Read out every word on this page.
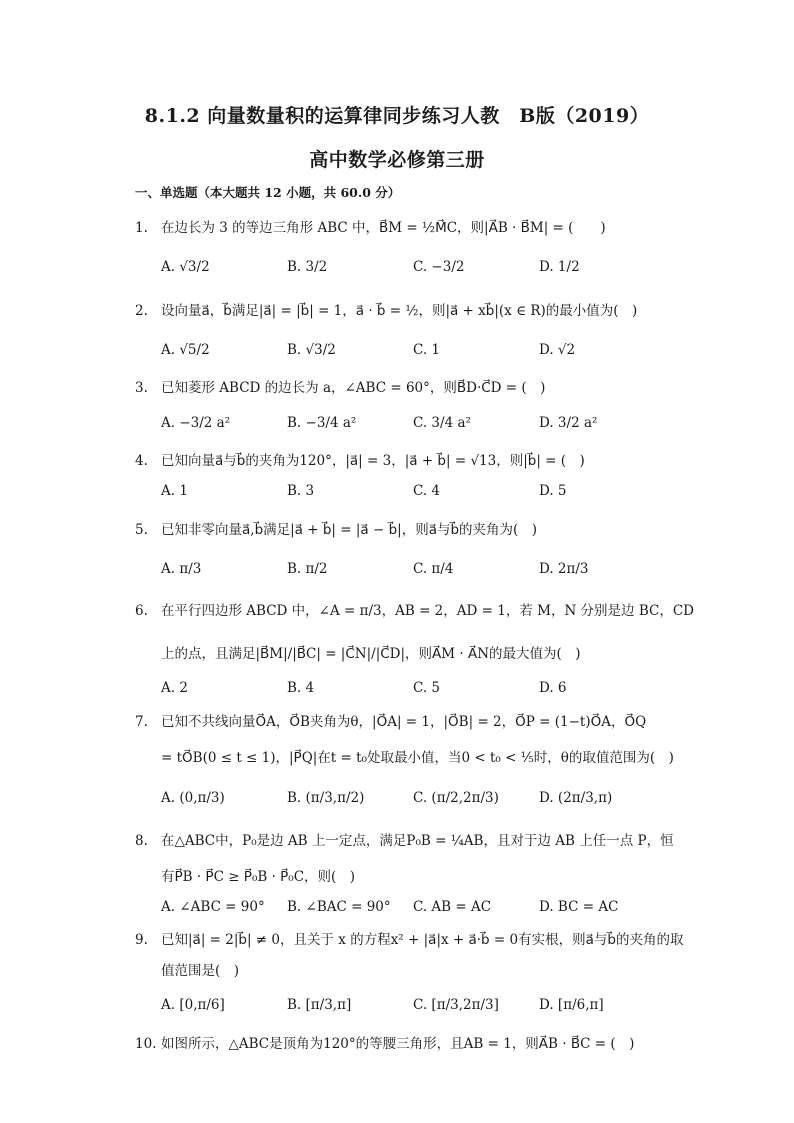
8.1.2 向量数量积的运算律同步练习人教　B版（2019）
高中数学必修第三册
一、单选题（本大题共 12 小题，共 60.0 分）
1. 在边长为 3 的等边三角形 ABC 中，B⃗M = ½M⃗C，则|A⃗B · B⃗M| = (　　)
A. √3/2	B. 3/2	C. −3/2	D. 1/2
2. 设向量a⃗，b⃗满足|a⃗| = |b⃗| = 1，a⃗ · b⃗ = ½，则|a⃗ + xb⃗|(x ∈ R)的最小值为(　)
A. √5/2	B. √3/2	C. 1	D. √2
3. 已知菱形 ABCD 的边长为 a，∠ABC = 60°，则B⃗D·C⃗D = (　)
A. −3/2 a²	B. −3/4 a²	C. 3/4 a²	D. 3/2 a²
4. 已知向量a⃗与b⃗的夹角为120°，|a⃗| = 3，|a⃗ + b⃗| = √13，则|b⃗| = (　)
A. 1	B. 3	C. 4	D. 5
5. 已知非零向量a⃗,b⃗满足|a⃗ + b⃗| = |a⃗ − b⃗|，则a⃗与b⃗的夹角为(　)
A. π/3	B. π/2	C. π/4	D. 2π/3
6. 在平行四边形 ABCD 中，∠A = π/3，AB = 2，AD = 1，若 M，N 分别是边 BC，CD
上的点，且满足|B⃗M|/|B⃗C| = |C⃗N|/|C⃗D|，则A⃗M · A⃗N的最大值为(　)
A. 2	B. 4	C. 5	D. 6
7. 已知不共线向量O⃗A，O⃗B夹角为θ，|O⃗A| = 1，|O⃗B| = 2，O⃗P = (1−t)O⃗A，O⃗Q
= tO⃗B(0 ≤ t ≤ 1)，|P⃗Q|在t = t₀处取最小值，当0 < t₀ < ⅕时，θ的取值范围为(　)
A. (0,π/3)	B. (π/3,π/2)	C. (π/2,2π/3)	D. (2π/3,π)
8. 在△ABC中，P₀是边 AB 上一定点，满足P₀B = ¼AB，且对于边 AB 上任一点 P，恒
有P⃗B · P⃗C ≥ P⃗₀B · P⃗₀C，则(　)
A. ∠ABC = 90° B. ∠BAC = 90° C. AB = AC	D. BC = AC
9. 已知|a⃗| = 2|b⃗| ≠ 0，且关于 x 的方程x² + |a⃗|x + a⃗·b⃗ = 0有实根，则a⃗与b⃗的夹角的取
值范围是(　)
A. [0,π/6]	B. [π/3,π]	C. [π/3,2π/3]	D. [π/6,π]
10. 如图所示，△ABC是顶角为120°的等腰三角形，且AB = 1，则A⃗B · B⃗C = (　)
